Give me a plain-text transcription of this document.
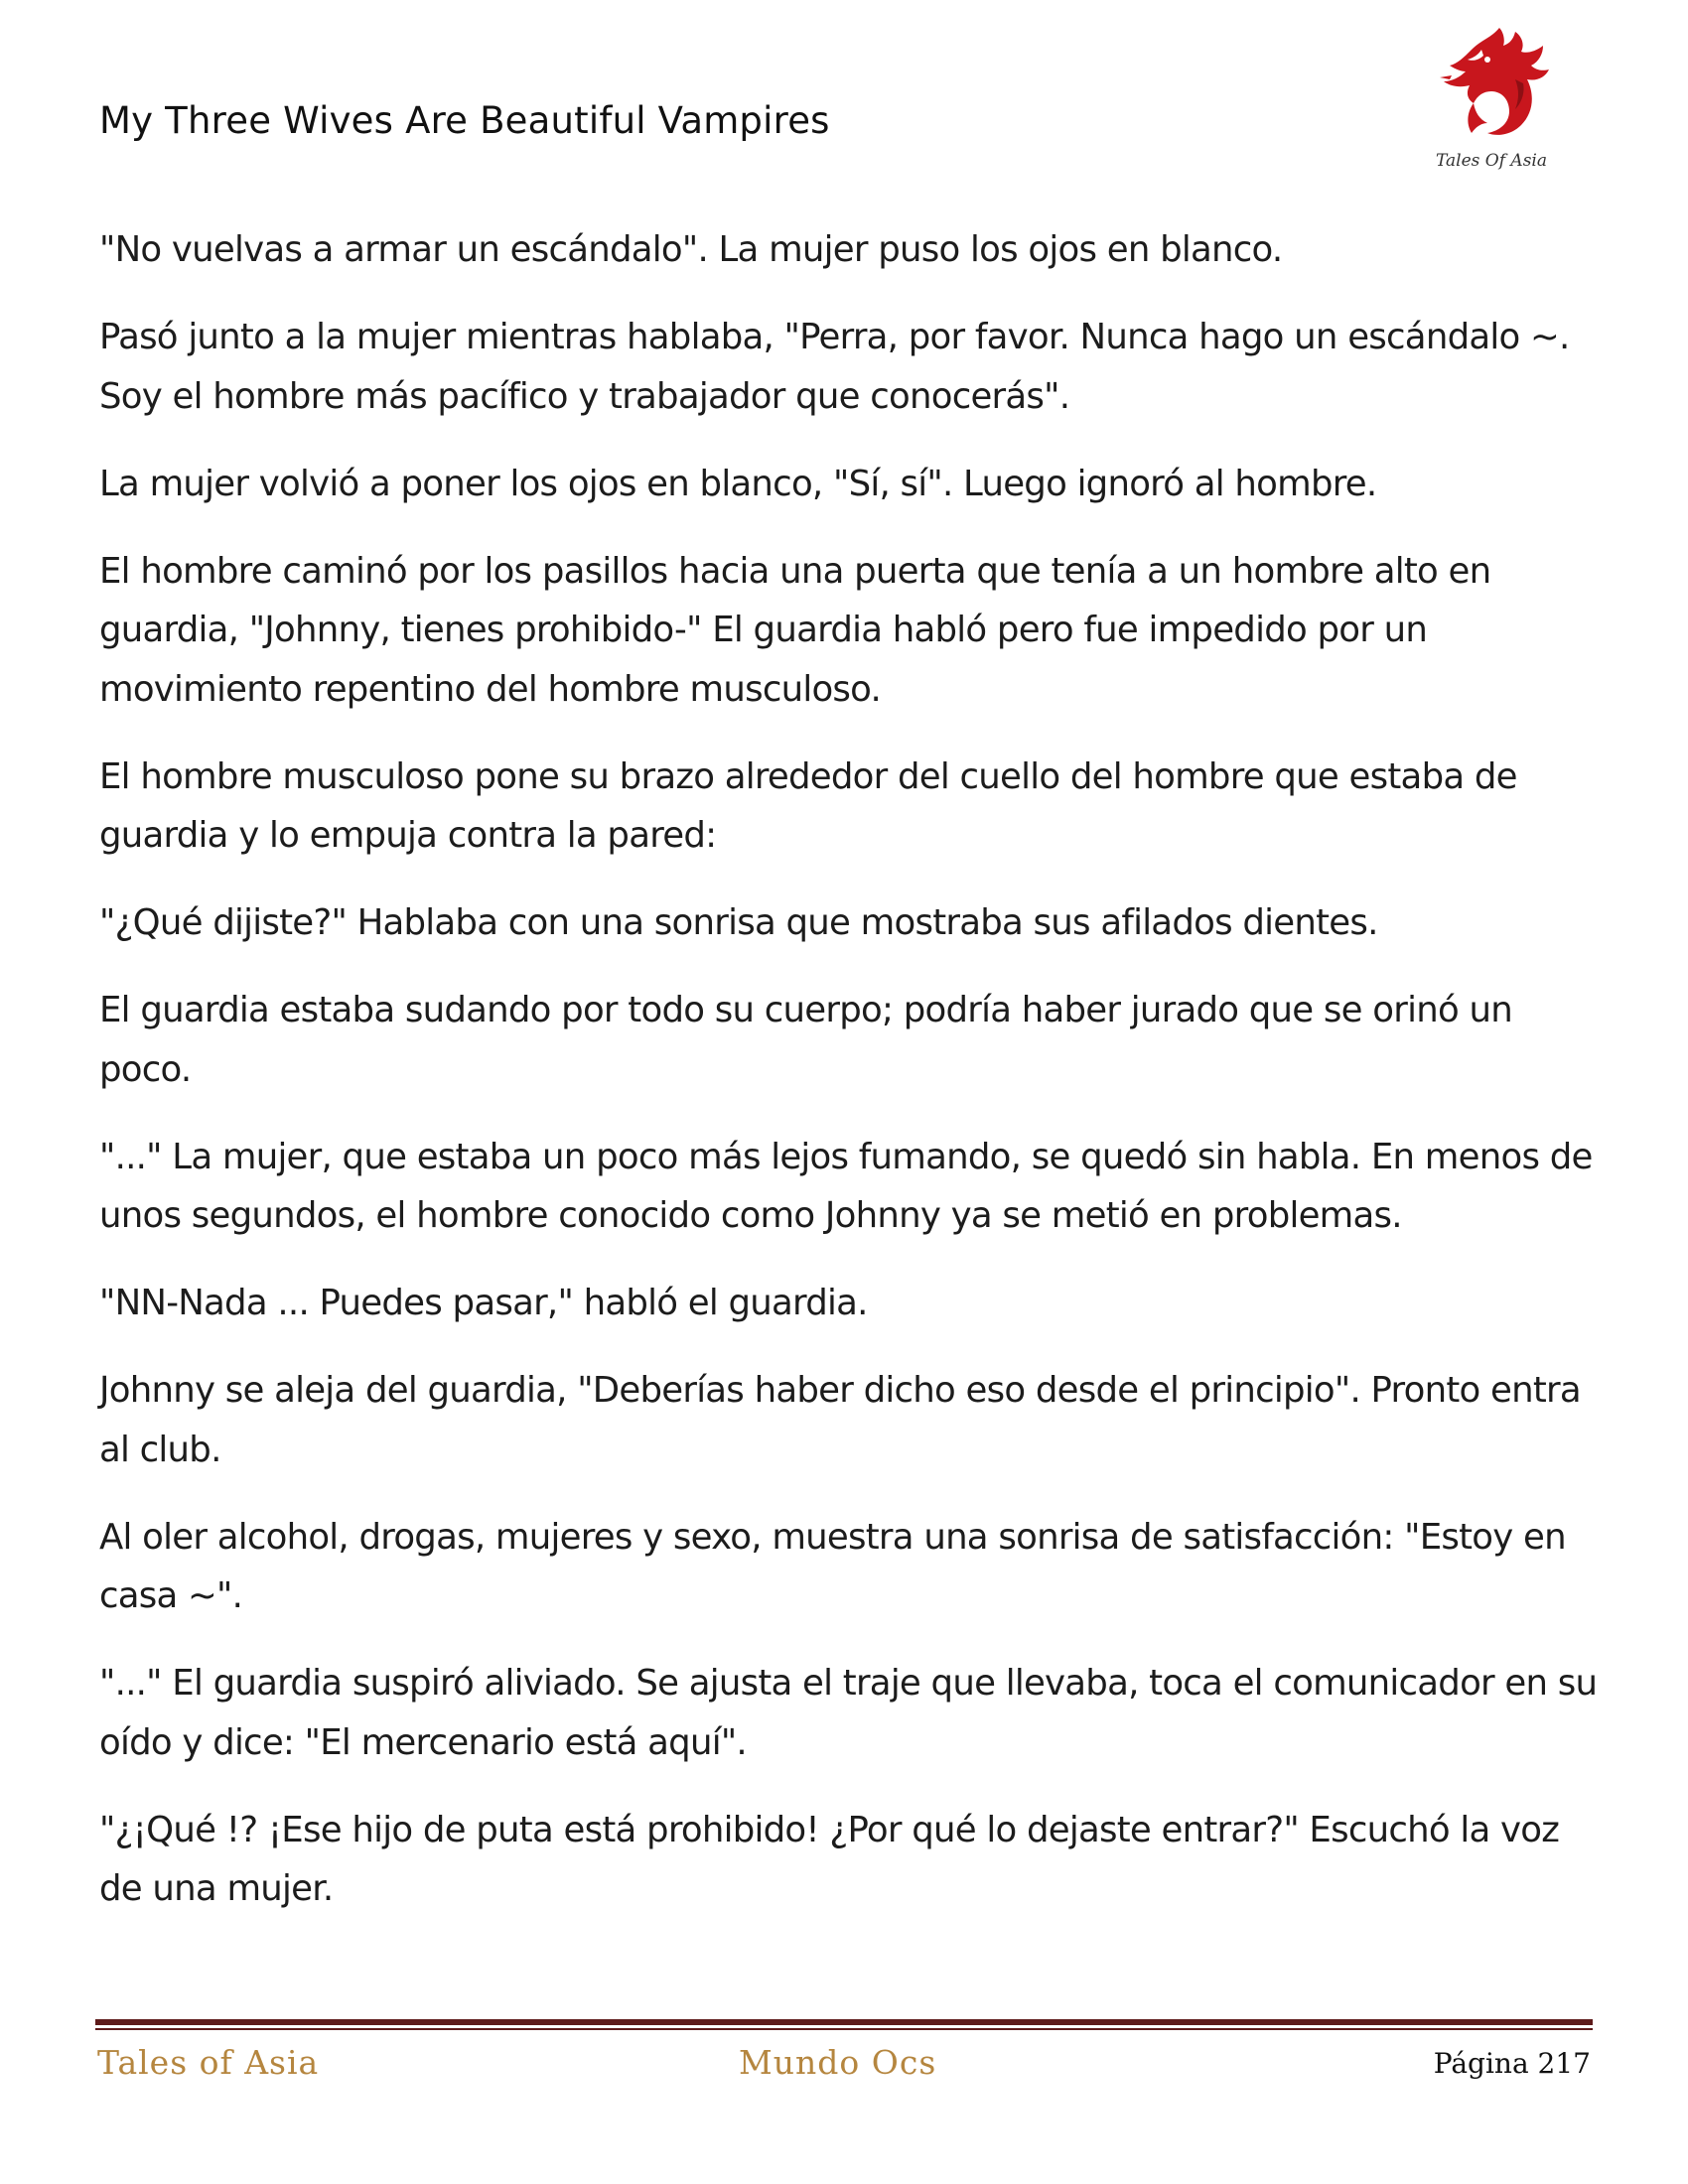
My Three Wives Are Beautiful Vampires
Tales Of Asia

"No vuelvas a armar un escándalo". La mujer puso los ojos en blanco.

Pasó junto a la mujer mientras hablaba, "Perra, por favor. Nunca hago un escándalo ~. Soy el hombre más pacífico y trabajador que conocerás".

La mujer volvió a poner los ojos en blanco, "Sí, sí". Luego ignoró al hombre.

El hombre caminó por los pasillos hacia una puerta que tenía a un hombre alto en guardia, "Johnny, tienes prohibido-" El guardia habló pero fue impedido por un movimiento repentino del hombre musculoso.

El hombre musculoso pone su brazo alrededor del cuello del hombre que estaba de guardia y lo empuja contra la pared:

"¿Qué dijiste?" Hablaba con una sonrisa que mostraba sus afilados dientes.

El guardia estaba sudando por todo su cuerpo; podría haber jurado que se orinó un poco.

"..." La mujer, que estaba un poco más lejos fumando, se quedó sin habla. En menos de unos segundos, el hombre conocido como Johnny ya se metió en problemas.

"NN-Nada ... Puedes pasar," habló el guardia.

Johnny se aleja del guardia, "Deberías haber dicho eso desde el principio". Pronto entra al club.

Al oler alcohol, drogas, mujeres y sexo, muestra una sonrisa de satisfacción: "Estoy en casa ~".

"..." El guardia suspiró aliviado. Se ajusta el traje que llevaba, toca el comunicador en su oído y dice: "El mercenario está aquí".

"¿¡Qué !? ¡Ese hijo de puta está prohibido! ¿Por qué lo dejaste entrar?" Escuchó la voz de una mujer.

Tales of Asia	Mundo Ocs	Página 217
